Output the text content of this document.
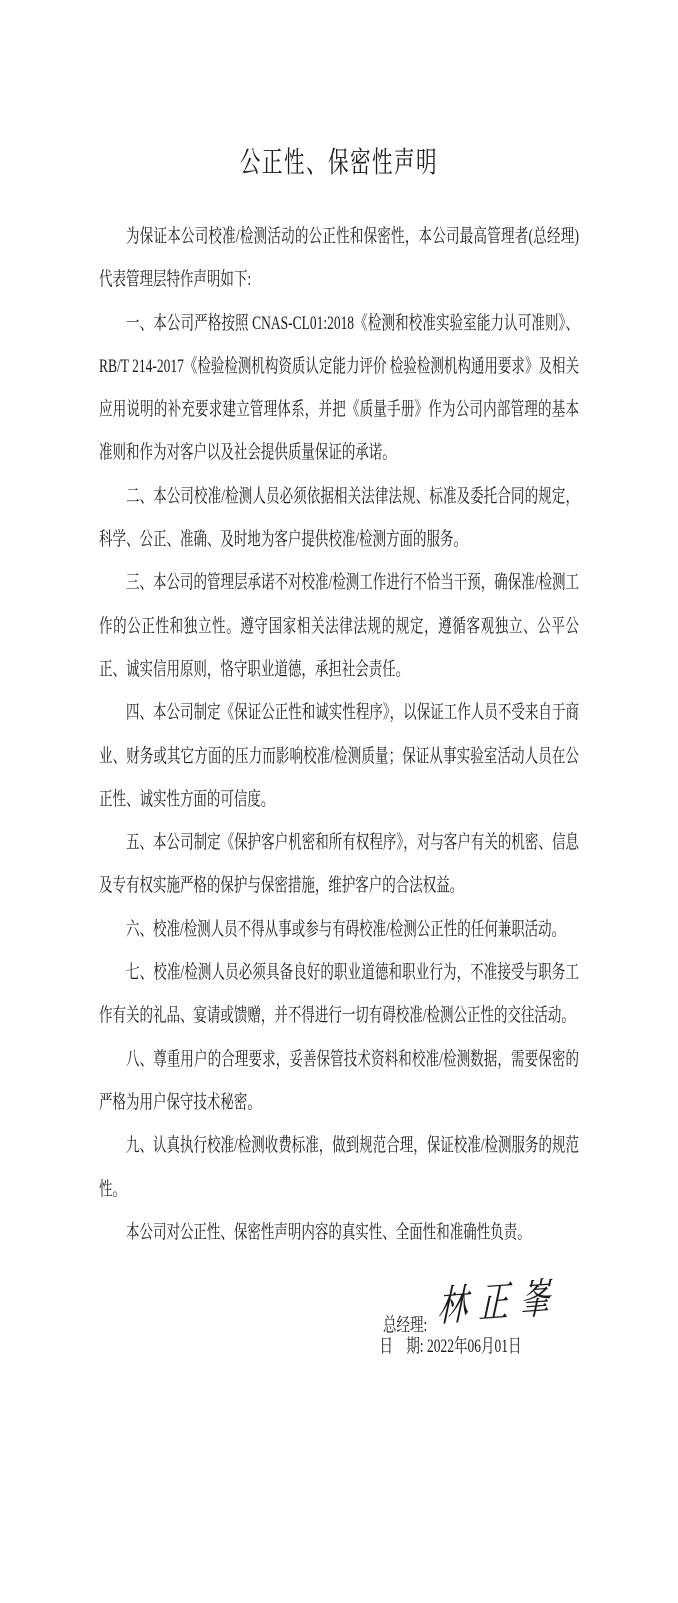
公正性、保密性声明

为保证本公司校准/检测活动的公正性和保密性，本公司最高管理者(总经理)代表管理层特作声明如下:

一、本公司严格按照 CNAS-CL01:2018《检测和校准实验室能力认可准则》、RB/T 214-2017《检验检测机构资质认定能力评价 检验检测机构通用要求》及相关应用说明的补充要求建立管理体系，并把《质量手册》作为公司内部管理的基本准则和作为对客户以及社会提供质量保证的承诺。

二、本公司校准/检测人员必须依据相关法律法规、标准及委托合同的规定，科学、公正、准确、及时地为客户提供校准/检测方面的服务。

三、本公司的管理层承诺不对校准/检测工作进行不恰当干预，确保准/检测工作的公正性和独立性。遵守国家相关法律法规的规定，遵循客观独立、公平公正、诚实信用原则，恪守职业道德，承担社会责任。

四、本公司制定《保证公正性和诚实性程序》，以保证工作人员不受来自于商业、财务或其它方面的压力而影响校准/检测质量；保证从事实验室活动人员在公正性、诚实性方面的可信度。

五、本公司制定《保护客户机密和所有权程序》，对与客户有关的机密、信息及专有权实施严格的保护与保密措施，维护客户的合法权益。

六、校准/检测人员不得从事或参与有碍校准/检测公正性的任何兼职活动。

七、校准/检测人员必须具备良好的职业道德和职业行为，不准接受与职务工作有关的礼品、宴请或馈赠，并不得进行一切有碍校准/检测公正性的交往活动。

八、尊重用户的合理要求，妥善保管技术资料和校准/检测数据，需要保密的严格为用户保守技术秘密。

九、认真执行校准/检测收费标准，做到规范合理，保证校准/检测服务的规范性。

本公司对公正性、保密性声明内容的真实性、全面性和准确性负责。

总经理: 林正峯
日　期: 2022年06月01日
